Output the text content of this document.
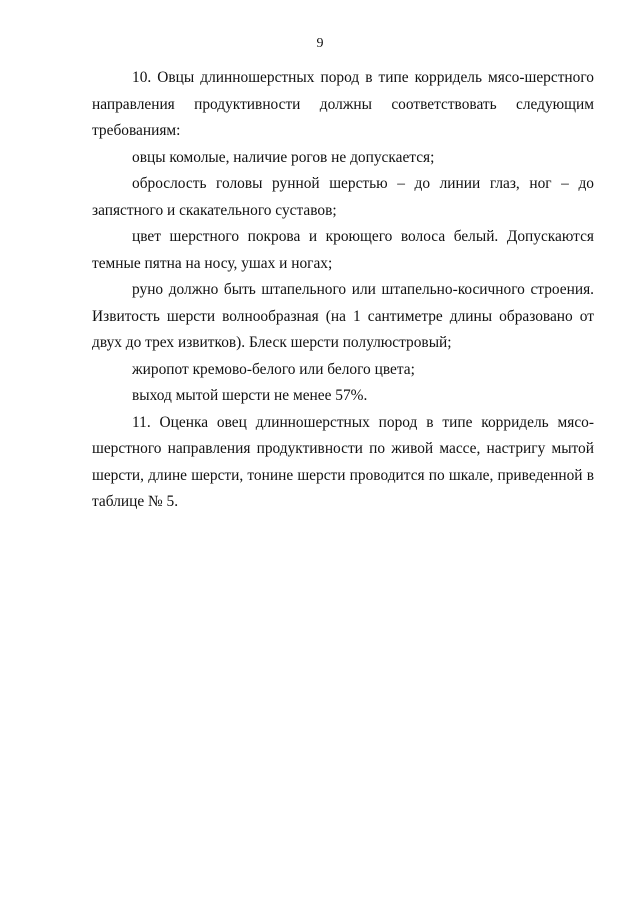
9

10. Овцы длинношерстных пород в типе корридель мясо-шерстного направления продуктивности должны соответствовать следующим требованиям:

овцы комолые, наличие рогов не допускается;

оброслость головы рунной шерстью – до линии глаз, ног – до запястного и скакательного суставов;

цвет шерстного покрова и кроющего волоса белый. Допускаются темные пятна на носу, ушах и ногах;

руно должно быть штапельного или штапельно-косичного строения. Извитость шерсти волнообразная (на 1 сантиметре длины образовано от двух до трех извитков). Блеск шерсти полулюстровый;

жиропот кремово-белого или белого цвета;

выход мытой шерсти не менее 57%.

11. Оценка овец длинношерстных пород в типе корридель мясо-шерстного направления продуктивности по живой массе, настригу мытой шерсти, длине шерсти, тонине шерсти проводится по шкале, приведенной в таблице № 5.
